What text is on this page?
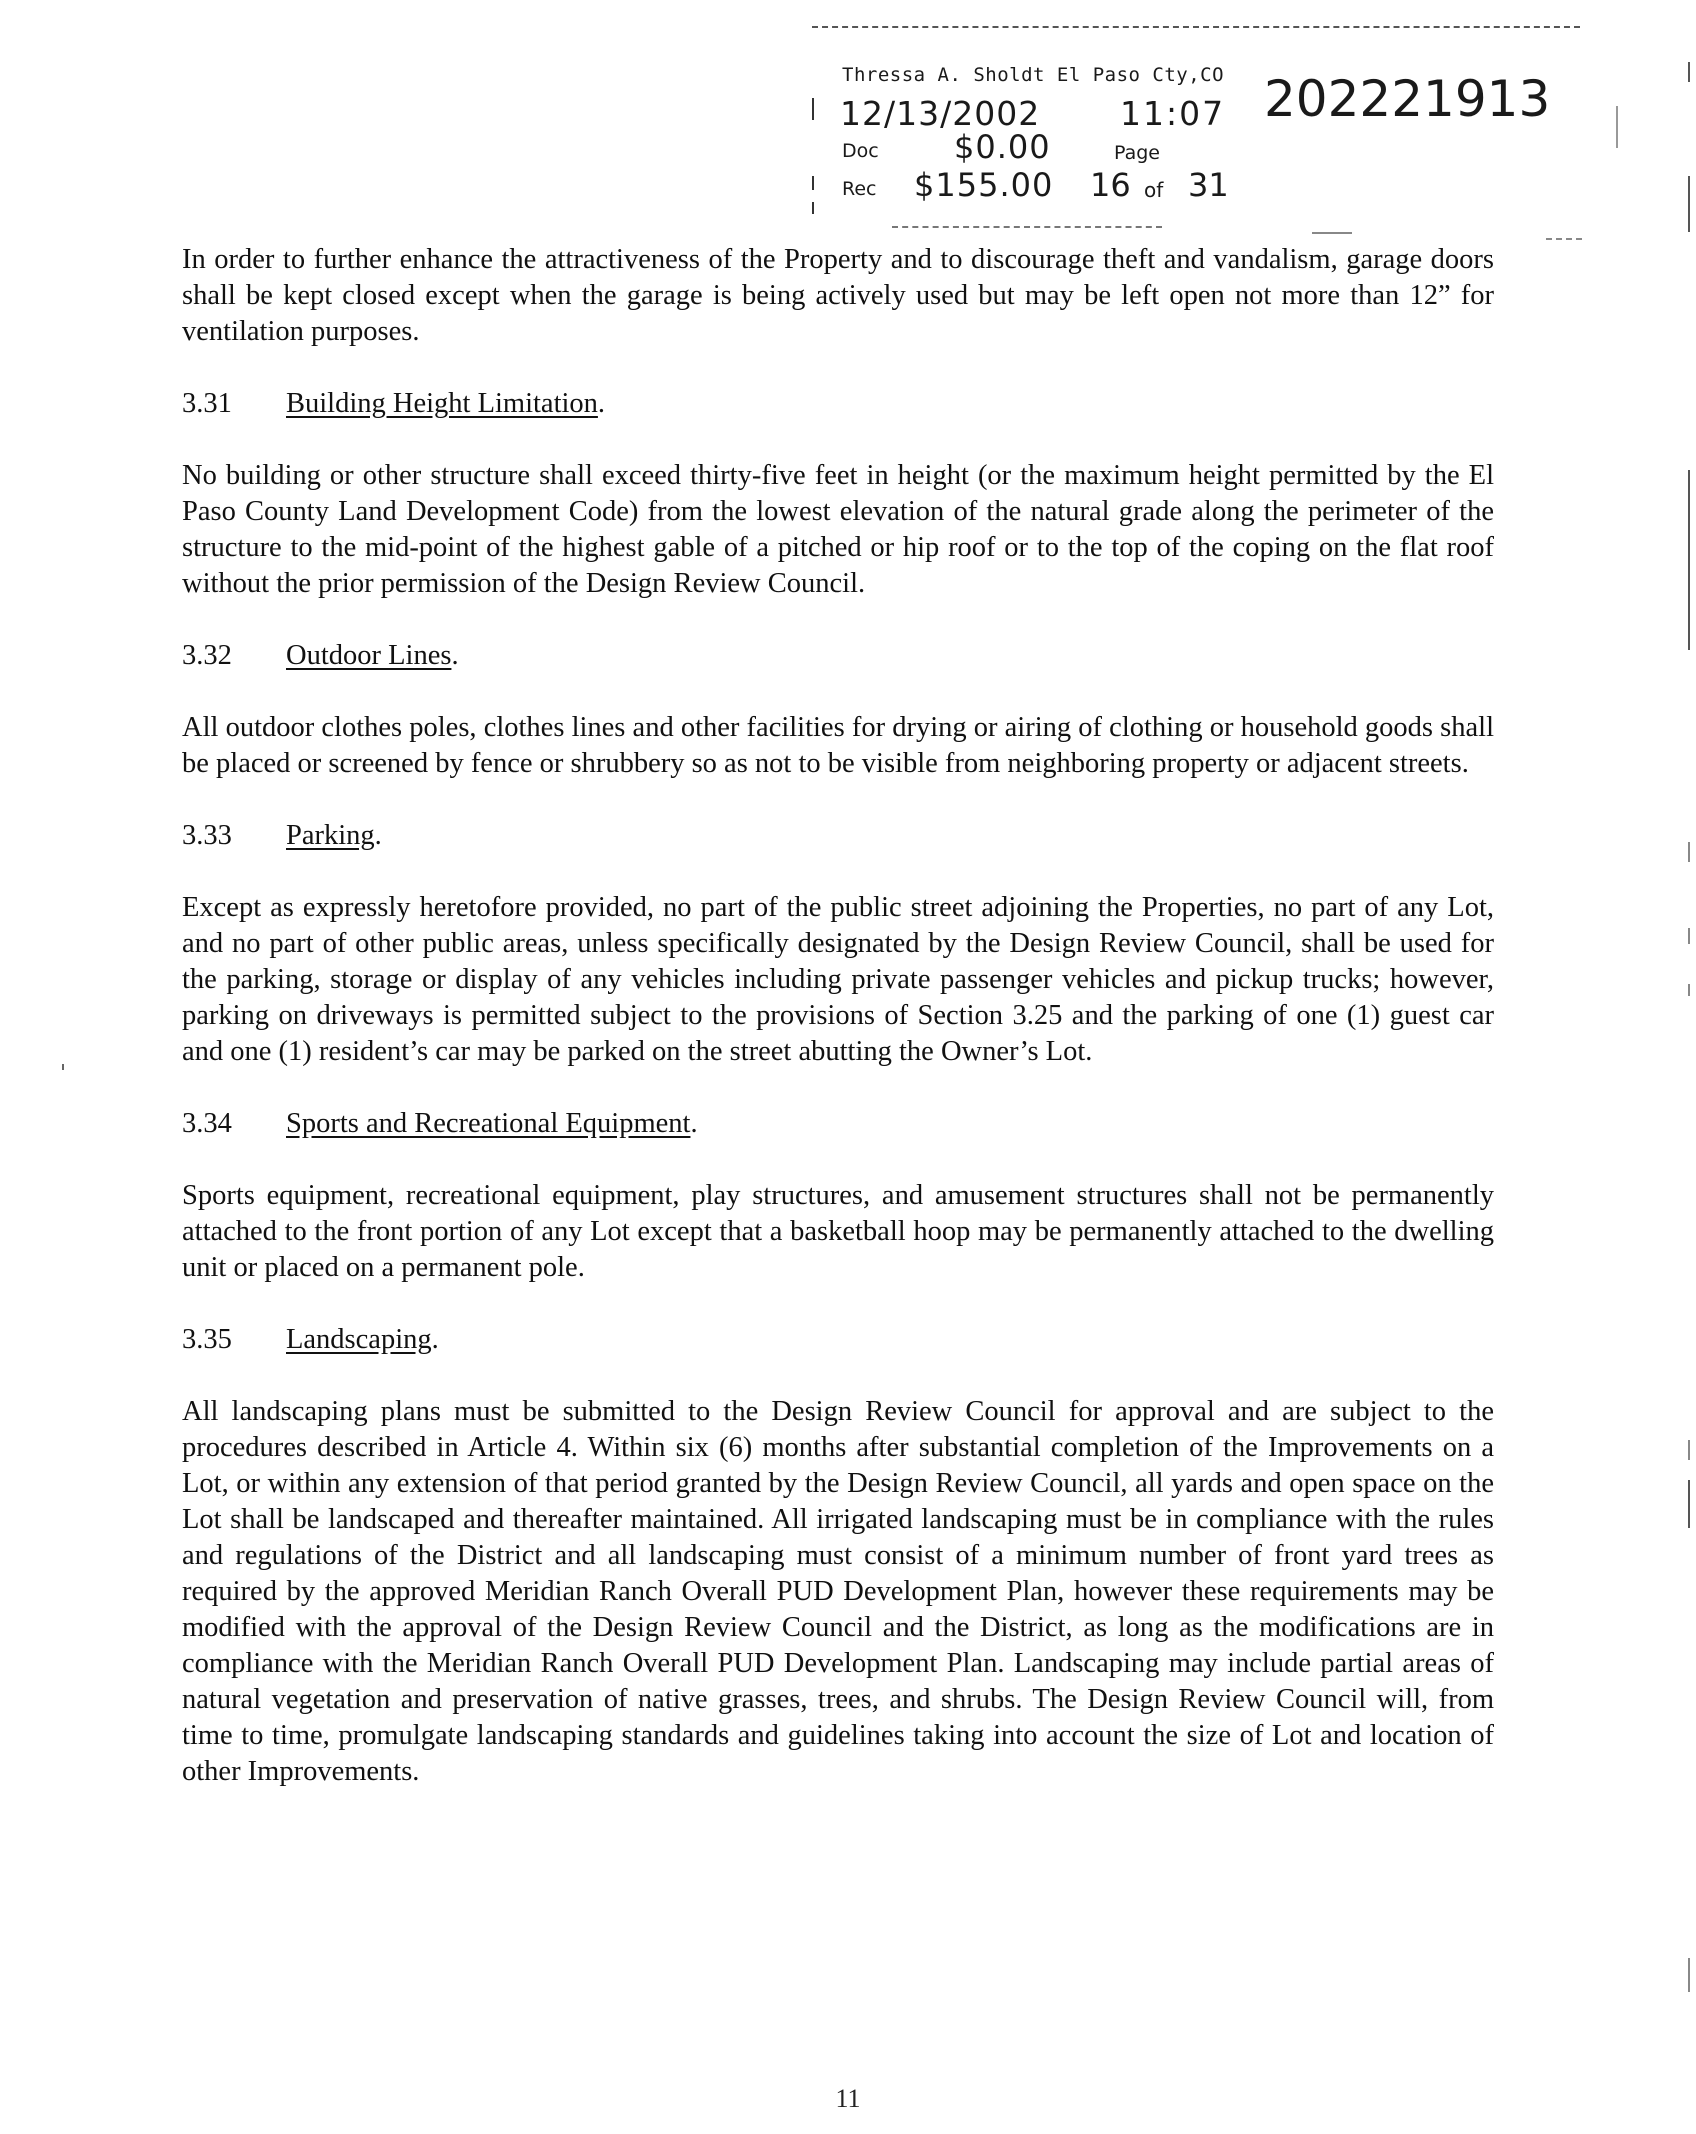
Thressa A. Sholdt El Paso Cty,CO
12/13/2002 11:07 202221913
Doc $0.00	Page
Rec $155.00 16 of 31

In order to further enhance the attractiveness of the Property and to discourage theft and vandalism, garage doors shall be kept closed except when the garage is being actively used but may be left open not more than 12” for ventilation purposes.

3.31 Building Height Limitation.

No building or other structure shall exceed thirty-five feet in height (or the maximum height permitted by the El Paso County Land Development Code) from the lowest elevation of the natural grade along the perimeter of the structure to the mid-point of the highest gable of a pitched or hip roof or to the top of the coping on the flat roof without the prior permission of the Design Review Council.

3.32 Outdoor Lines.

All outdoor clothes poles, clothes lines and other facilities for drying or airing of clothing or household goods shall be placed or screened by fence or shrubbery so as not to be visible from neighboring property or adjacent streets.

3.33 Parking.

Except as expressly heretofore provided, no part of the public street adjoining the Properties, no part of any Lot, and no part of other public areas, unless specifically designated by the Design Review Council, shall be used for the parking, storage or display of any vehicles including private passenger vehicles and pickup trucks; however, parking on driveways is permitted subject to the provisions of Section 3.25 and the parking of one (1) guest car and one (1) resident’s car may be parked on the street abutting the Owner’s Lot.

3.34 Sports and Recreational Equipment.

Sports equipment, recreational equipment, play structures, and amusement structures shall not be permanently attached to the front portion of any Lot except that a basketball hoop may be permanently attached to the dwelling unit or placed on a permanent pole.

3.35 Landscaping.

All landscaping plans must be submitted to the Design Review Council for approval and are subject to the procedures described in Article 4. Within six (6) months after substantial completion of the Improvements on a Lot, or within any extension of that period granted by the Design Review Council, all yards and open space on the Lot shall be landscaped and thereafter maintained. All irrigated landscaping must be in compliance with the rules and regulations of the District and all landscaping must consist of a minimum number of front yard trees as required by the approved Meridian Ranch Overall PUD Development Plan, however these requirements may be modified with the approval of the Design Review Council and the District, as long as the modifications are in compliance with the Meridian Ranch Overall PUD Development Plan. Landscaping may include partial areas of natural vegetation and preservation of native grasses, trees, and shrubs. The Design Review Council will, from time to time, promulgate landscaping standards and guidelines taking into account the size of Lot and location of other Improvements.

11
